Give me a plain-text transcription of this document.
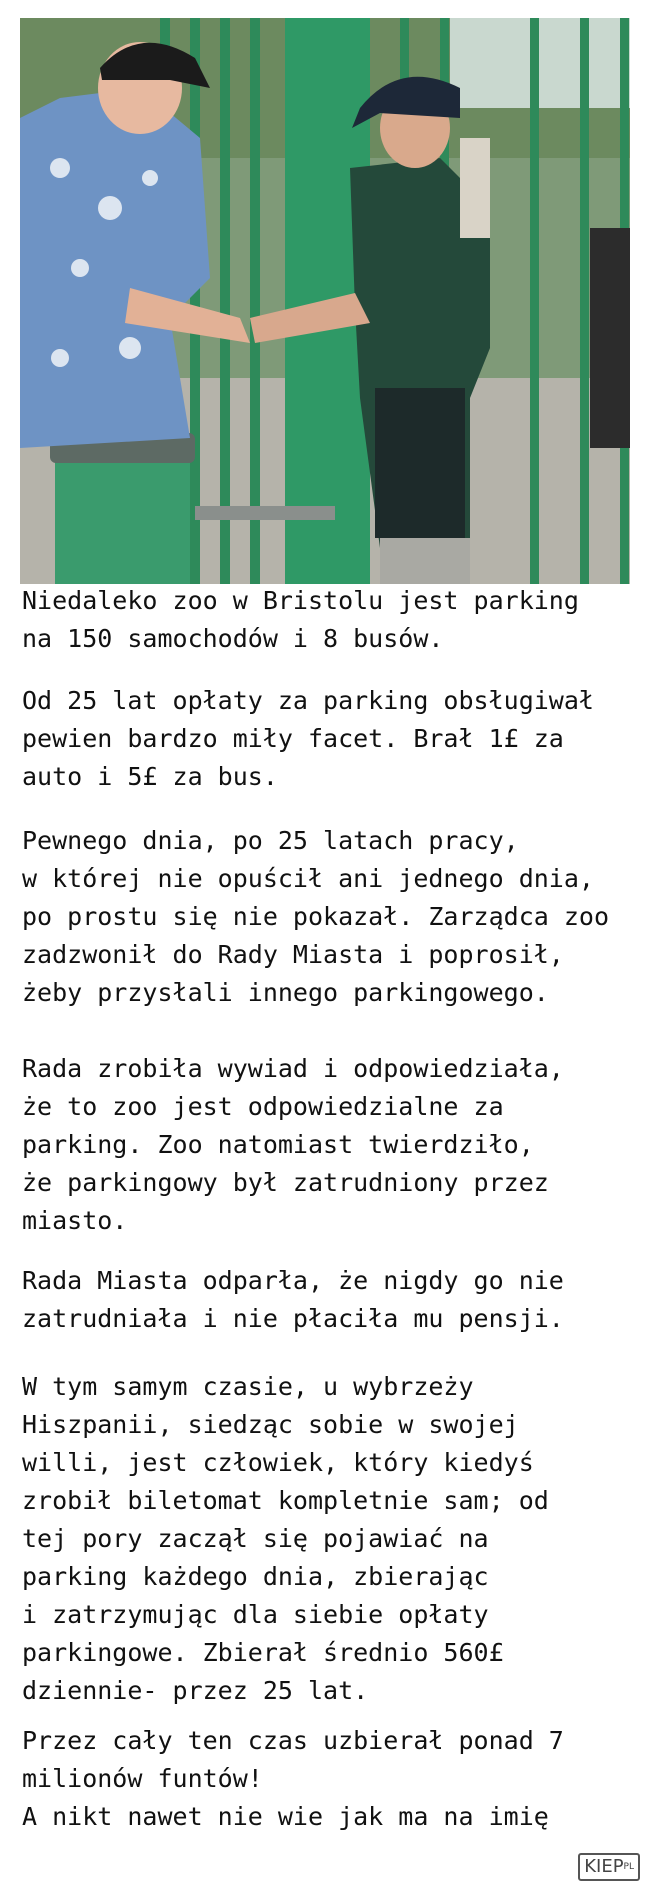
Niedaleko zoo w Bristolu jest parking
na 150 samochodów i 8 busów.
Od 25 lat opłaty za parking obsługiwał
pewien bardzo miły facet. Brał 1£ za
auto i 5£ za bus.
Pewnego dnia, po 25 latach pracy,
w której nie opuścił ani jednego dnia,
po prostu się nie pokazał. Zarządca zoo
zadzwonił do Rady Miasta i poprosił,
żeby przysłali innego parkingowego.
Rada zrobiła wywiad i odpowiedziała,
że to zoo jest odpowiedzialne za
parking. Zoo natomiast twierdziło,
że parkingowy był zatrudniony przez
miasto.
Rada Miasta odparła, że nigdy go nie
zatrudniała i nie płaciła mu pensji.
W tym samym czasie, u wybrzeży
Hiszpanii, siedząc sobie w swojej
willi, jest człowiek, który kiedyś
zrobił biletomat kompletnie sam; od
tej pory zaczął się pojawiać na
parking każdego dnia, zbierając
i zatrzymując dla siebie opłaty
parkingowe. Zbierał średnio 560£
dziennie- przez 25 lat.
Przez cały ten czas uzbierał ponad 7
milionów funtów!
A nikt nawet nie wie jak ma na imię
KIEPPL
